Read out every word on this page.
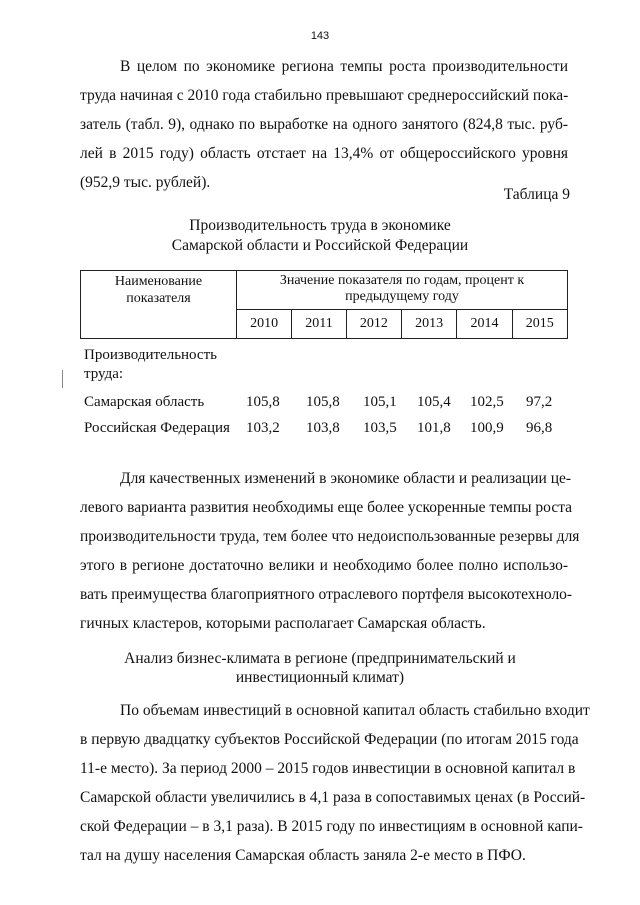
143
В целом по экономике региона темпы роста производительности
труда начиная с 2010 года стабильно превышают среднероссийский пока-
затель (табл. 9), однако по выработке на одного занятого (824,8 тыс. руб-
лей в 2015 году) область отстает на 13,4% от общероссийского уровня
(952,9 тыс. рублей).
Таблица 9
Производительность труда в экономике
Самарской области и Российской Федерации
Наименование показателя	Значение показателя по годам, процент к предыдущему году					
	2010	2011	2012	2013	2014	2015
Производительность труда:
Самарская область	105,8 105,8 105,1 105,4 102,5 97,2
Российская Федерация 103,2 103,8 103,5 101,8 100,9 96,8
Для качественных изменений в экономике области и реализации це-
левого варианта развития необходимы еще более ускоренные темпы роста
производительности труда, тем более что недоиспользованные резервы для
этого в регионе достаточно велики и необходимо более полно использо-
вать преимущества благоприятного отраслевого портфеля высокотехноло-
гичных кластеров, которыми располагает Самарская область.
Анализ бизнес-климата в регионе (предпринимательский и
инвестиционный климат)
По объемам инвестиций в основной капитал область стабильно входит
в первую двадцатку субъектов Российской Федерации (по итогам 2015 года
11-е место). За период 2000 – 2015 годов инвестиции в основной капитал в
Самарской области увеличились в 4,1 раза в сопоставимых ценах (в Россий-
ской Федерации – в 3,1 раза). В 2015 году по инвестициям в основной капи-
тал на душу населения Самарская область заняла 2-е место в ПФО.
